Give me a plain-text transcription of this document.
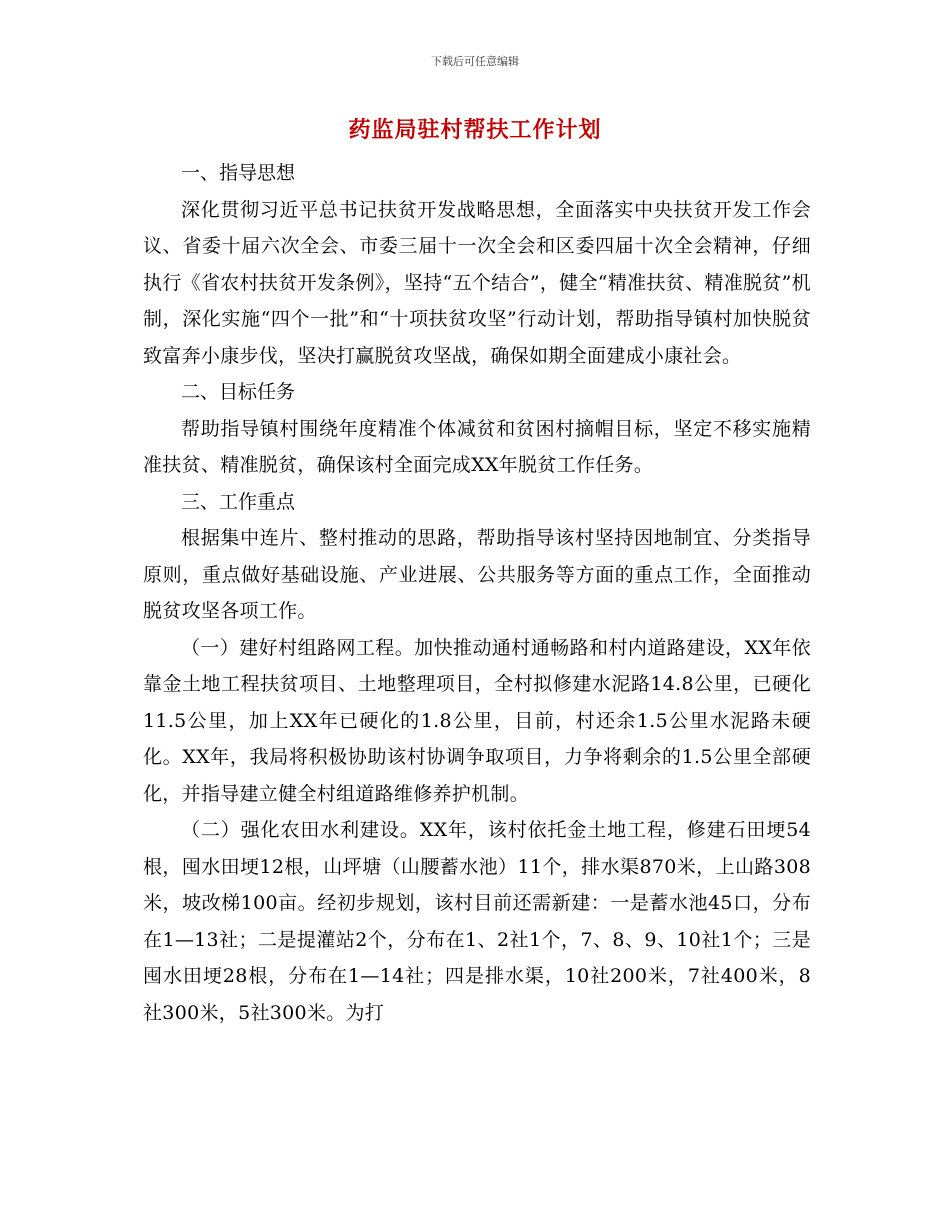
下载后可任意编辑
药监局驻村帮扶工作计划

一、指导思想

深化贯彻习近平总书记扶贫开发战略思想，全面落实中央扶贫开发工作会议、省委十届六次全会、市委三届十一次全会和区委四届十次全会精神，仔细执行《省农村扶贫开发条例》，坚持“五个结合”，健全“精准扶贫、精准脱贫”机制，深化实施“四个一批”和“十项扶贫攻坚”行动计划，帮助指导镇村加快脱贫致富奔小康步伐，坚决打赢脱贫攻坚战，确保如期全面建成小康社会。

二、目标任务

帮助指导镇村围绕年度精准个体减贫和贫困村摘帽目标，坚定不移实施精准扶贫、精准脱贫，确保该村全面完成XX年脱贫工作任务。

三、工作重点

根据集中连片、整村推动的思路，帮助指导该村坚持因地制宜、分类指导原则，重点做好基础设施、产业进展、公共服务等方面的重点工作，全面推动脱贫攻坚各项工作。

（一）建好村组路网工程。加快推动通村通畅路和村内道路建设，XX年依靠金土地工程扶贫项目、土地整理项目，全村拟修建水泥路14.8公里，已硬化11.5公里，加上XX年已硬化的1.8公里，目前，村还余1.5公里水泥路未硬化。XX年，我局将积极协助该村协调争取项目，力争将剩余的1.5公里全部硬化，并指导建立健全村组道路维修养护机制。

（二）强化农田水利建设。XX年，该村依托金土地工程，修建石田埂54根，囤水田埂12根，山坪塘（山腰蓄水池）11个，排水渠870米，上山路308米，坡改梯100亩。经初步规划，该村目前还需新建：一是蓄水池45口，分布在1—13社；二是提灌站2个，分布在1、2社1个，7、8、9、10社1个；三是囤水田埂28根，分布在1—14社；四是排水渠，10社200米，7社400米，8社300米，5社300米。为打
